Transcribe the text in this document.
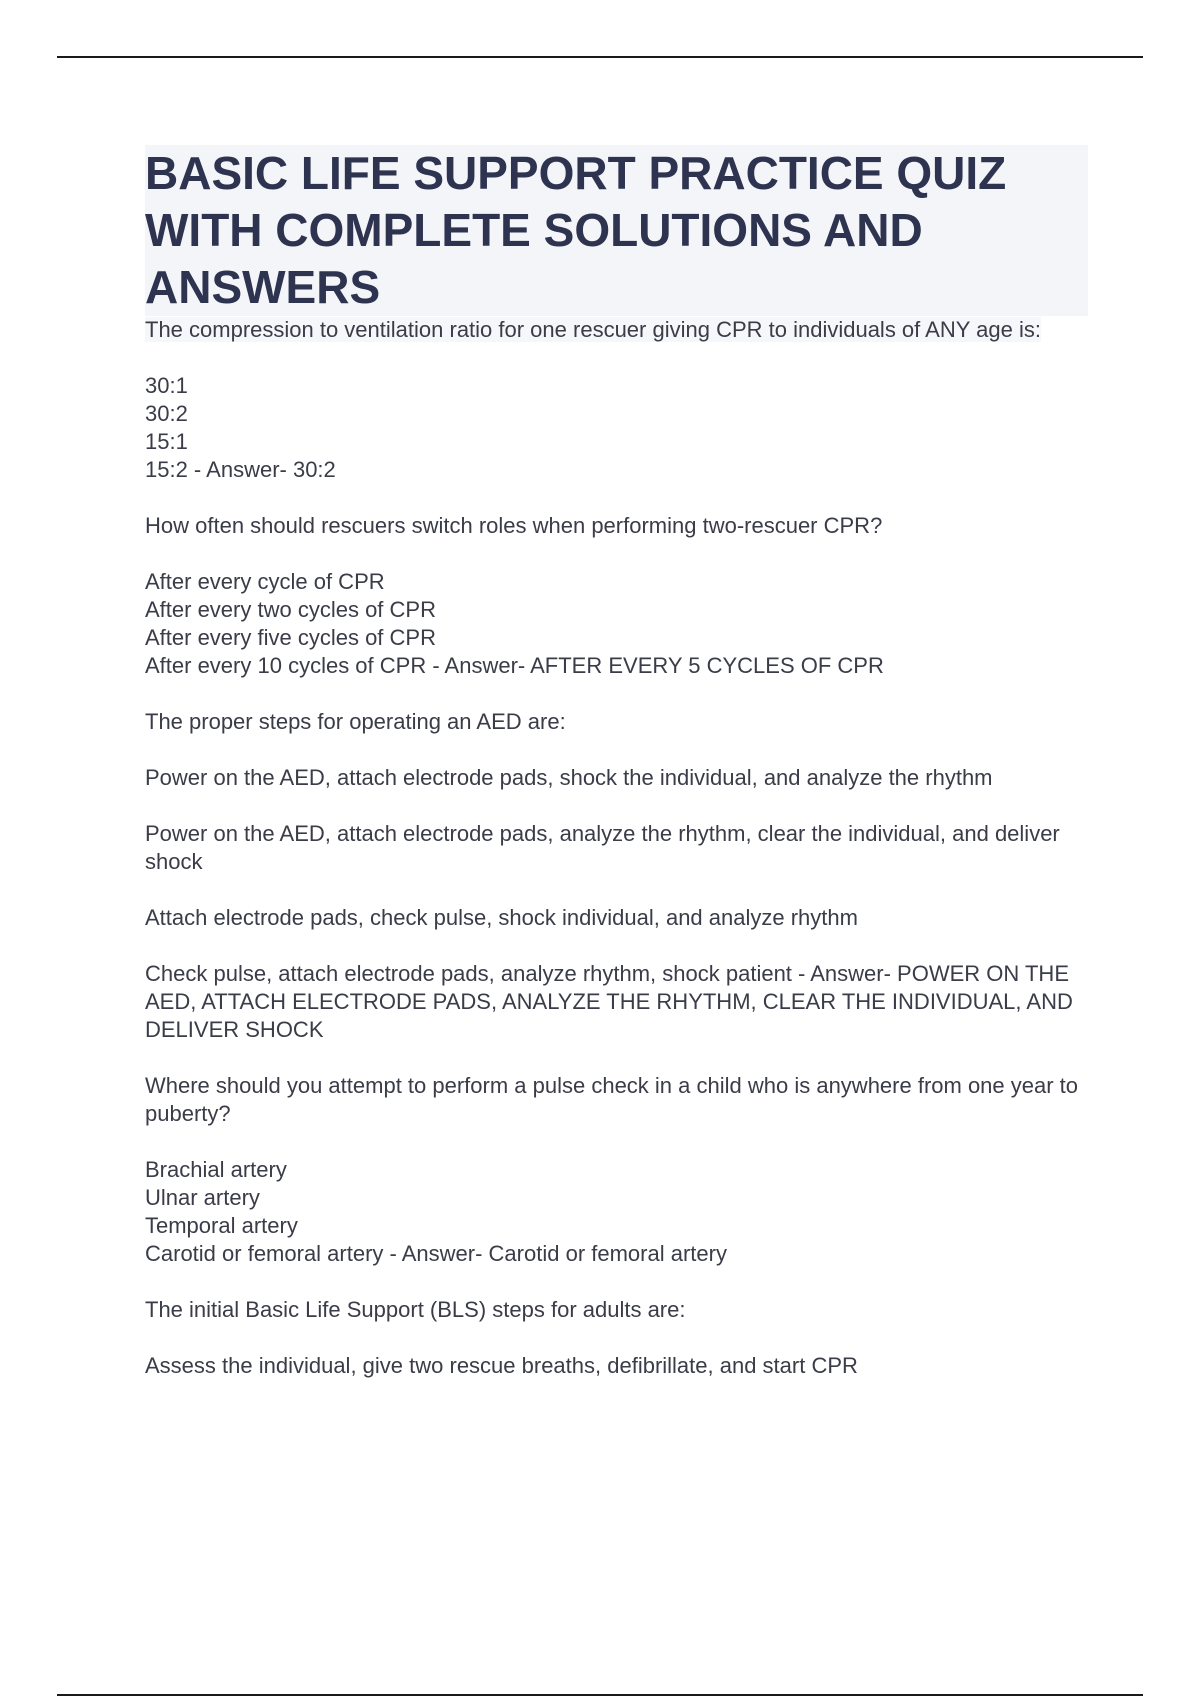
BASIC LIFE SUPPORT PRACTICE QUIZ WITH COMPLETE SOLUTIONS AND ANSWERS

The compression to ventilation ratio for one rescuer giving CPR to individuals of ANY age is:

30:1
30:2
15:1
15:2 - Answer- 30:2

How often should rescuers switch roles when performing two-rescuer CPR?

After every cycle of CPR
After every two cycles of CPR
After every five cycles of CPR
After every 10 cycles of CPR - Answer- AFTER EVERY 5 CYCLES OF CPR

The proper steps for operating an AED are:

Power on the AED, attach electrode pads, shock the individual, and analyze the rhythm

Power on the AED, attach electrode pads, analyze the rhythm, clear the individual, and deliver shock

Attach electrode pads, check pulse, shock individual, and analyze rhythm

Check pulse, attach electrode pads, analyze rhythm, shock patient - Answer- POWER ON THE AED, ATTACH ELECTRODE PADS, ANALYZE THE RHYTHM, CLEAR THE INDIVIDUAL, AND DELIVER SHOCK

Where should you attempt to perform a pulse check in a child who is anywhere from one year to puberty?

Brachial artery
Ulnar artery
Temporal artery
Carotid or femoral artery - Answer- Carotid or femoral artery

The initial Basic Life Support (BLS) steps for adults are:

Assess the individual, give two rescue breaths, defibrillate, and start CPR
